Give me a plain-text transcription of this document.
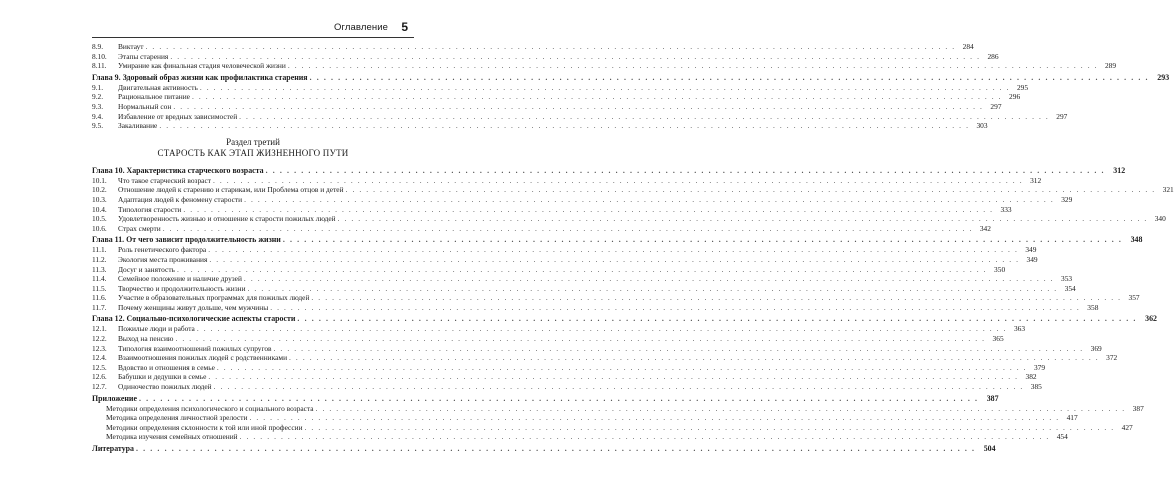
Оглавление 5
8.9.	Виктаут . . .	284
8.10.	Этапы старения . . .	286
8.11.	Умирание как финальная стадия человеческой жизни . . .	289
Глава 9. Здоровый образ жизни как профилактика старения . . .	293
9.1.	Двигательная активность . . .	295
9.2.	Рациональное питание . . .	296
9.3.	Нормальный сон . . .	297
9.4.	Избавление от вредных зависимостей . . .	297
9.5.	Закаливание . . .	303
Раздел третий
СТАРОСТЬ КАК ЭТАП ЖИЗНЕННОГО ПУТИ
Глава 10. Характеристика старческого возраста . . .	312
10.1.	Что такое старческий возраст . . .	312
10.2.	Отношение людей к старению и старикам, или Проблема отцов и детей . . .	321
10.3.	Адаптация людей к феномену старости . . .	329
10.4.	Типология старости . . .	333
10.5.	Удовлетворенность жизнью и отношение к старости пожилых людей . . .	340
10.6.	Страх смерти . . .	342
Глава 11. От чего зависит продолжительность жизни . . .	348
11.1.	Роль генетического фактора . . .	349
11.2.	Экология места проживания . . .	349
11.3.	Досуг и занятость . . .	350
11.4.	Семейное положение и наличие друзей . . .	353
11.5.	Творчество и продолжительность жизни . . .	354
11.6.	Участие в образовательных программах для пожилых людей . . .	357
11.7.	Почему женщины живут дольше, чем мужчины . . .	358
Глава 12. Социально-психологические аспекты старости . . .	362
12.1.	Пожилые люди и работа . . .	363
12.2.	Выход на пенсию . . .	365
12.3.	Типология взаимоотношений пожилых супругов . . .	369
12.4.	Взаимоотношения пожилых людей с родственниками . . .	372
12.5.	Вдовство и отношения в семье . . .	379
12.6.	Бабушки и дедушки в семье . . .	382
12.7.	Одиночество пожилых людей . . .	385
Приложение . . .	387
Методики определения психологического и социального возраста . . .	387
Методика определения личностной зрелости . . .	417
Методики определения склонности к той или иной профессии . . .	427
Методика изучения семейных отношений . . .	454
Литература . . .	504
